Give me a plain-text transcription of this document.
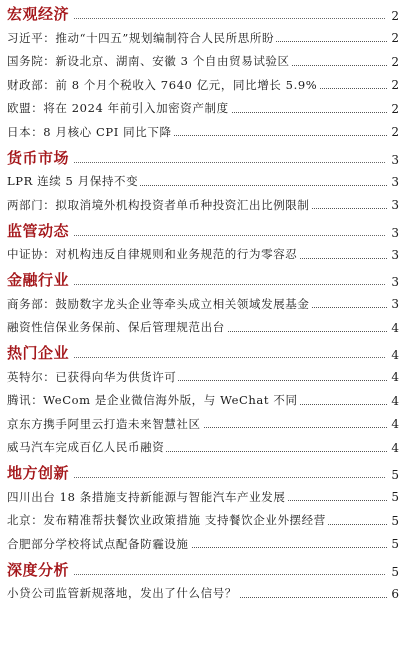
宏观经济	2
习近平：推动“十四五”规划编制符合人民所思所盼	2
国务院：新设北京、湖南、安徽 3 个自由贸易试验区	2
财政部：前 8 个月个税收入 7640 亿元，同比增长 5.9%	2
欧盟：将在 2024 年前引入加密资产制度	2
日本：8 月核心 CPI 同比下降	2
货币市场	3
LPR 连续 5 月保持不变	3
两部门：拟取消境外机构投资者单币种投资汇出比例限制	3
监管动态	3
中证协：对机构违反自律规则和业务规范的行为零容忍	3
金融行业	3
商务部：鼓励数字龙头企业等牵头成立相关领域发展基金	3
融资性信保业务保前、保后管理规范出台	4
热门企业	4
英特尔：已获得向华为供货许可	4
腾讯：WeCom 是企业微信海外版，与 WeChat 不同	4
京东方携手阿里云打造未来智慧社区	4
威马汽车完成百亿人民币融资	4
地方创新	5
四川出台 18 条措施支持新能源与智能汽车产业发展	5
北京：发布精准帮扶餐饮业政策措施 支持餐饮企业外摆经营	5
合肥部分学校将试点配备防霾设施	5
深度分析	5
小贷公司监管新规落地，发出了什么信号？	6
